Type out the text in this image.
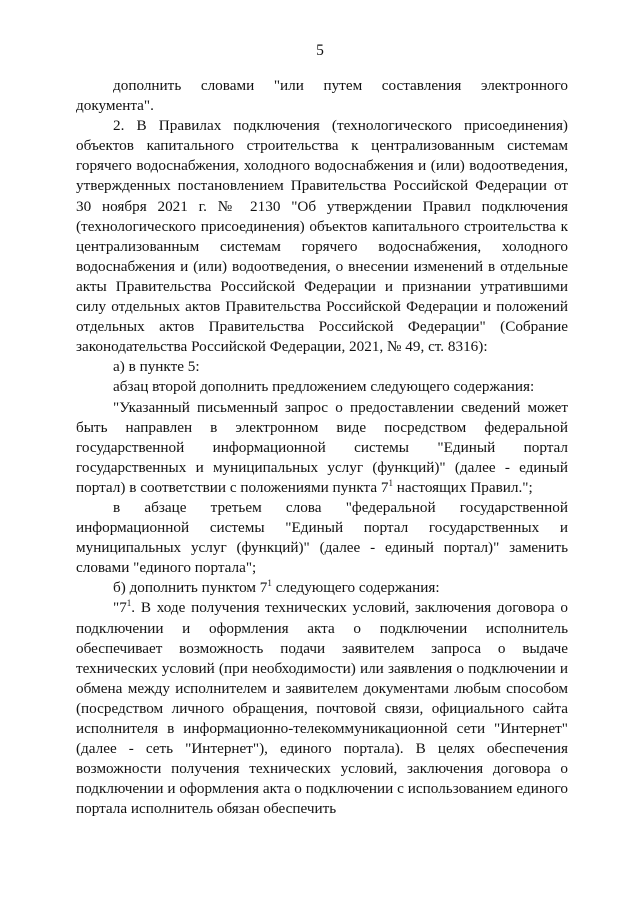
5

дополнить словами "или путем составления электронного документа".

2. В Правилах подключения (технологического присоединения) объектов капитального строительства к централизованным системам горячего водоснабжения, холодного водоснабжения и (или) водоотведения, утвержденных постановлением Правительства Российской Федерации от 30 ноября 2021 г. № 2130 "Об утверждении Правил подключения (технологического присоединения) объектов капитального строительства к централизованным системам горячего водоснабжения, холодного водоснабжения и (или) водоотведения, о внесении изменений в отдельные акты Правительства Российской Федерации и признании утратившими силу отдельных актов Правительства Российской Федерации и положений отдельных актов Правительства Российской Федерации" (Собрание законодательства Российской Федерации, 2021, № 49, ст. 8316):

а) в пункте 5:

абзац второй дополнить предложением следующего содержания:

"Указанный письменный запрос о предоставлении сведений может быть направлен в электронном виде посредством федеральной государственной информационной системы "Единый портал государственных и муниципальных услуг (функций)" (далее - единый портал) в соответствии с положениями пункта $7^1$ настоящих Правил.";

в абзаце третьем слова "федеральной государственной информационной системы "Единый портал государственных и муниципальных услуг (функций)" (далее - единый портал)" заменить словами "единого портала";

б) дополнить пунктом $7^1$ следующего содержания:

"$7^1$. В ходе получения технических условий, заключения договора о подключении и оформления акта о подключении исполнитель обеспечивает возможность подачи заявителем запроса о выдаче технических условий (при необходимости) или заявления о подключении и обмена между исполнителем и заявителем документами любым способом (посредством личного обращения, почтовой связи, официального сайта исполнителя в информационно-телекоммуникационной сети "Интернет" (далее - сеть "Интернет"), единого портала). В целях обеспечения возможности получения технических условий, заключения договора о подключении и оформления акта о подключении с использованием единого портала исполнитель обязан обеспечить
